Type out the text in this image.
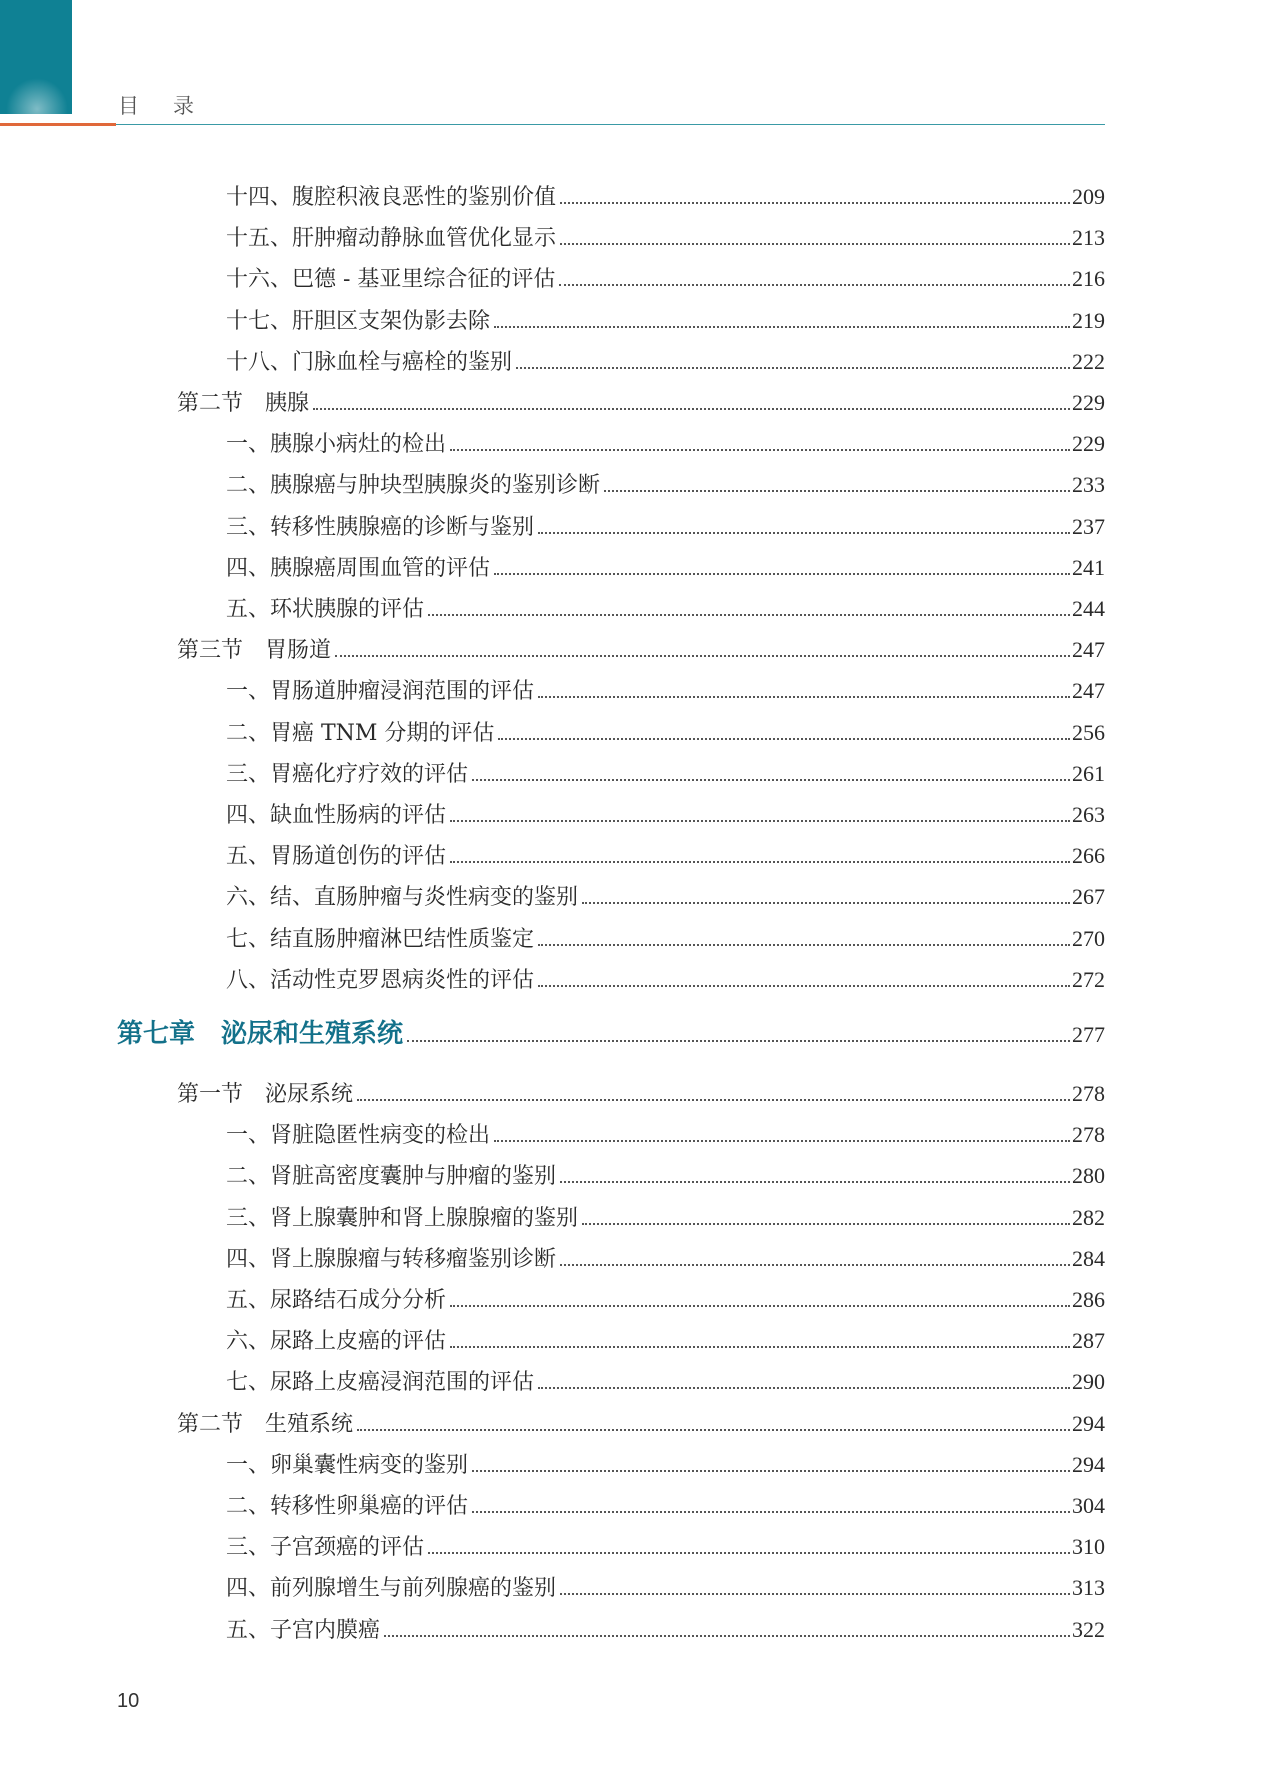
目录
十四、腹腔积液良恶性的鉴别价值	209
十五、肝肿瘤动静脉血管优化显示	213
十六、巴德 - 基亚里综合征的评估	216
十七、肝胆区支架伪影去除	219
十八、门脉血栓与癌栓的鉴别	222
第二节　胰腺	229
一、胰腺小病灶的检出	229
二、胰腺癌与肿块型胰腺炎的鉴别诊断	233
三、转移性胰腺癌的诊断与鉴别	237
四、胰腺癌周围血管的评估	241
五、环状胰腺的评估	244
第三节　胃肠道	247
一、胃肠道肿瘤浸润范围的评估	247
二、胃癌 TNM 分期的评估	256
三、胃癌化疗疗效的评估	261
四、缺血性肠病的评估	263
五、胃肠道创伤的评估	266
六、结、直肠肿瘤与炎性病变的鉴别	267
七、结直肠肿瘤淋巴结性质鉴定	270
八、活动性克罗恩病炎性的评估	272
第七章　泌尿和生殖系统	277
第一节　泌尿系统	278
一、肾脏隐匿性病变的检出	278
二、肾脏高密度囊肿与肿瘤的鉴别	280
三、肾上腺囊肿和肾上腺腺瘤的鉴别	282
四、肾上腺腺瘤与转移瘤鉴别诊断	284
五、尿路结石成分分析	286
六、尿路上皮癌的评估	287
七、尿路上皮癌浸润范围的评估	290
第二节　生殖系统	294
一、卵巢囊性病变的鉴别	294
二、转移性卵巢癌的评估	304
三、子宫颈癌的评估	310
四、前列腺增生与前列腺癌的鉴别	313
五、子宫内膜癌	322
10
